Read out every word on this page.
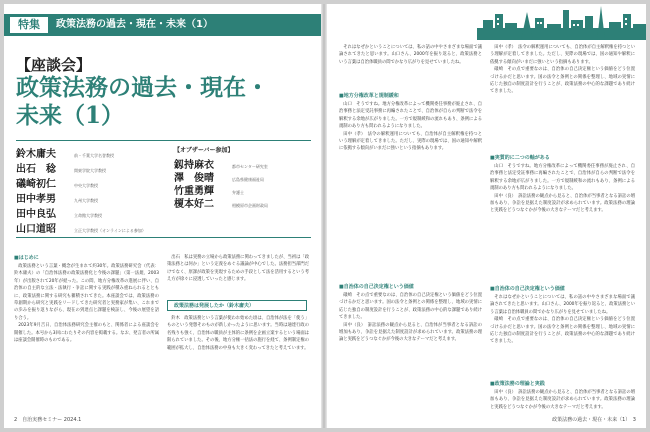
特集	政策法務の過去・現在・未来（1）
【座談会】
政策法務の過去・現在・
未来（1）
鈴木庸夫	前・千葉大学名誉教授
出石　稔	関東学院大学教授
礒崎初仁	中央大学教授
田中孝男	九州大学教授
田中良弘	立命館大学教授
山口道昭	立正大学教授（オンラインによる参加）
【オブザーバー参加】
釼持麻衣	都市センター研究室
澤　俊晴	広島県健康福祉局
竹重勇輝	弁護士
榎本好二	相模原市企画財政局
■はじめに

政策法務という言葉・概念が生まれて約30年。政策法務研究会（代表：鈴木庸夫）の「自治体法務の政策法務化と今後の課題」（第一法規、2003年）が出版されて20年が経った。この間、地方分権改革の進展に伴い、自治体の自主的な立法・法執行・争訟に関する実践が積み重ねられるとともに、政策法務に関する研究も蓄積されてきた。本座談会では、政策法務の草創期から研究と実践をリードしてきた研究者と実務家が集い、これまでの歩みを振り返りながら、現在の到達点と課題を検証し、今後の展望を語り合う。

2023年9月吉日、自治体法務研究会主催のもと、関係者による座談会を開催した。本号から3回にわたりその内容を掲載する。なお、発言者の所属は座談会開催時のものである。

出石　私は実務の立場から政策法務に関わってきましたが、当初は「政策法務とは何か」という定義をめぐる議論が中心でした。法務担当部門だけでなく、原課が政策を実現するための手段として法を活用するという考え方が徐々に浸透していったと感じます。

政策法務は発展したか（鈴木庸夫）

鈴木　政策法務という言葉が使われ始めた頃は、自治体が法を「使う」ものという発想そのものが新しかったように思います。当時は通達行政の名残りも強く、自治体の職員が主体的に条例を企画立案するという場面は限られていました。その後、地方分権一括法の施行を経て、条例制定権の範囲が拡大し、自治体法務の中身も大きく変わってきたと考えています。

2　自治実務セミナー 2024.1

それはなぜかということについては、私の話の中やさまざまな場面で議論されてきたと思います。山口さん、2000年を振り返ると、政策法務という言葉は自治体職員の間でかなり広がりを見せていましたね。

■地方分権改革と規制緩和

山口　そうですね。地方分権改革によって機関委任事務が廃止され、自治事務と法定受託事務に再編されたことで、自治体が自らの判断で法令を解釈する余地が広がりました。一方で規制緩和の流れもあり、条例による規制のあり方も問われるようになりました。

田中（孝）　法令の解釈運用についても、自治体が自主解釈権を持つという理解が定着してきました。ただし、実際の現場では、国の通知や解釈に依拠する傾向がいまだに強いという指摘もあります。

■自治体の自己決定権という価値

礒崎　その点で重要なのは、自治体の自己決定権という価値をどう位置づけるかだと思います。国の法令と条例との関係を整理し、地域の実情に応じた独自の制度設計を行うことが、政策法務の中心的な課題であり続けてきました。

田中（良）　訴訟法務の観点から見ると、自治体が当事者となる訴訟の増加もあり、争訟を見据えた制度設計が求められています。政策法務の理論と実践をどうつなぐかが今後の大きなテーマだと考えます。

田中（孝）　法令の解釈運用についても、自治体が自主解釈権を持つという理解が定着してきました。ただし、実際の現場では、国の通知や解釈に依拠する傾向がいまだに強いという指摘もあります。

礒崎　その点で重要なのは、自治体の自己決定権という価値をどう位置づけるかだと思います。国の法令と条例との関係を整理し、地域の実情に応じた独自の制度設計を行うことが、政策法務の中心的な課題であり続けてきました。

■実質的に二つの軸がある

山口　そうですね。地方分権改革によって機関委任事務が廃止され、自治事務と法定受託事務に再編されたことで、自治体が自らの判断で法令を解釈する余地が広がりました。一方で規制緩和の流れもあり、条例による規制のあり方も問われるようになりました。

田中（良）　訴訟法務の観点から見ると、自治体が当事者となる訴訟の増加もあり、争訟を見据えた制度設計が求められています。政策法務の理論と実践をどうつなぐかが今後の大きなテーマだと考えます。

■自治体の自己決定権という価値

それはなぜかということについては、私の話の中やさまざまな場面で議論されてきたと思います。山口さん、2000年を振り返ると、政策法務という言葉は自治体職員の間でかなり広がりを見せていましたね。

礒崎　その点で重要なのは、自治体の自己決定権という価値をどう位置づけるかだと思います。国の法令と条例との関係を整理し、地域の実情に応じた独自の制度設計を行うことが、政策法務の中心的な課題であり続けてきました。

■政策法務の理論と実践

田中（良）　訴訟法務の観点から見ると、自治体が当事者となる訴訟の増加もあり、争訟を見据えた制度設計が求められています。政策法務の理論と実践をどうつなぐかが今後の大きなテーマだと考えます。

政策法務の過去・現在・未来（1）　3
